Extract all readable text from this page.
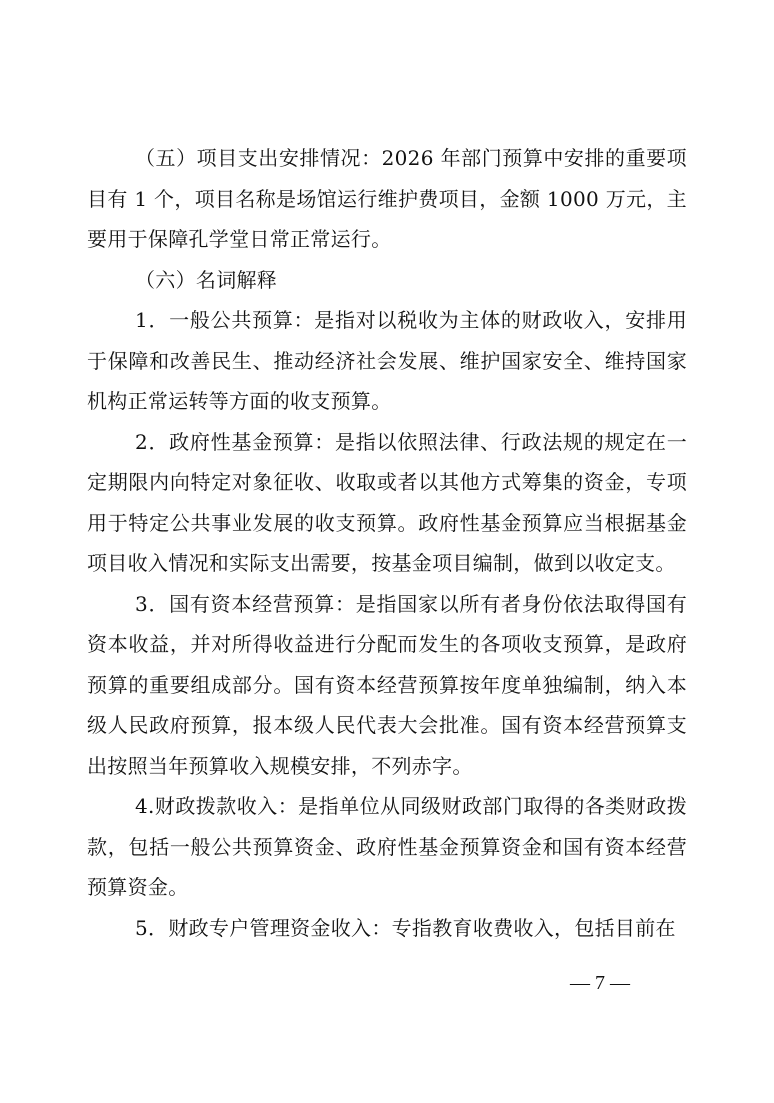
（五）项目支出安排情况：2026 年部门预算中安排的重要项目有 1 个，项目名称是场馆运行维护费项目，金额 1000 万元，主要用于保障孔学堂日常正常运行。

（六）名词解释

1．一般公共预算：是指对以税收为主体的财政收入，安排用于保障和改善民生、推动经济社会发展、维护国家安全、维持国家机构正常运转等方面的收支预算。

2．政府性基金预算：是指以依照法律、行政法规的规定在一定期限内向特定对象征收、收取或者以其他方式筹集的资金，专项用于特定公共事业发展的收支预算。政府性基金预算应当根据基金项目收入情况和实际支出需要，按基金项目编制，做到以收定支。

3．国有资本经营预算：是指国家以所有者身份依法取得国有资本收益，并对所得收益进行分配而发生的各项收支预算，是政府预算的重要组成部分。国有资本经营预算按年度单独编制，纳入本级人民政府预算，报本级人民代表大会批准。国有资本经营预算支出按照当年预算收入规模安排，不列赤字。

4.财政拨款收入：是指单位从同级财政部门取得的各类财政拨款，包括一般公共预算资金、政府性基金预算资金和国有资本经营预算资金。

5．财政专户管理资金收入：专指教育收费收入，包括目前在

— 7 —
